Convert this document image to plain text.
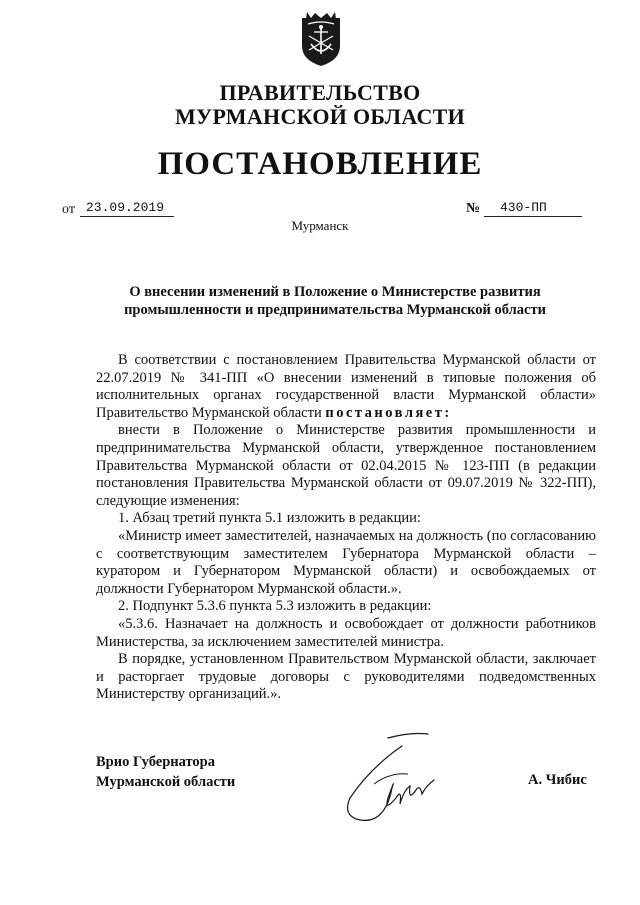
ПРАВИТЕЛЬСТВО
МУРМАНСКОЙ ОБЛАСТИ
ПОСТАНОВЛЕНИЕ
от 23.09.2019	№	430-ПП
Мурманск
О внесении изменений в Положение о Министерстве развития
промышленности и предпринимательства Мурманской области

В соответствии с постановлением Правительства Мурманской области от 22.07.2019 № 341-ПП «О внесении изменений в типовые положения об исполнительных органах государственной власти Мурманской области» Правительство Мурманской области постановляет:

внести в Положение о Министерстве развития промышленности и предпринимательства Мурманской области, утвержденное постановлением Правительства Мурманской области от 02.04.2015 № 123-ПП (в редакции постановления Правительства Мурманской области от 09.07.2019 № 322-ПП), следующие изменения:

1. Абзац третий пункта 5.1 изложить в редакции:

«Министр имеет заместителей, назначаемых на должность (по согласованию с соответствующим заместителем Губернатора Мурманской области – куратором и Губернатором Мурманской области) и освобождаемых от должности Губернатором Мурманской области.».

2. Подпункт 5.3.6 пункта 5.3 изложить в редакции:

«5.3.6. Назначает на должность и освобождает от должности работников Министерства, за исключением заместителей министра.

В порядке, установленном Правительством Мурманской области, заключает и расторгает трудовые договоры с руководителями подведомственных Министерству организаций.».

Врио Губернатора
Мурманской области	А. Чибис
